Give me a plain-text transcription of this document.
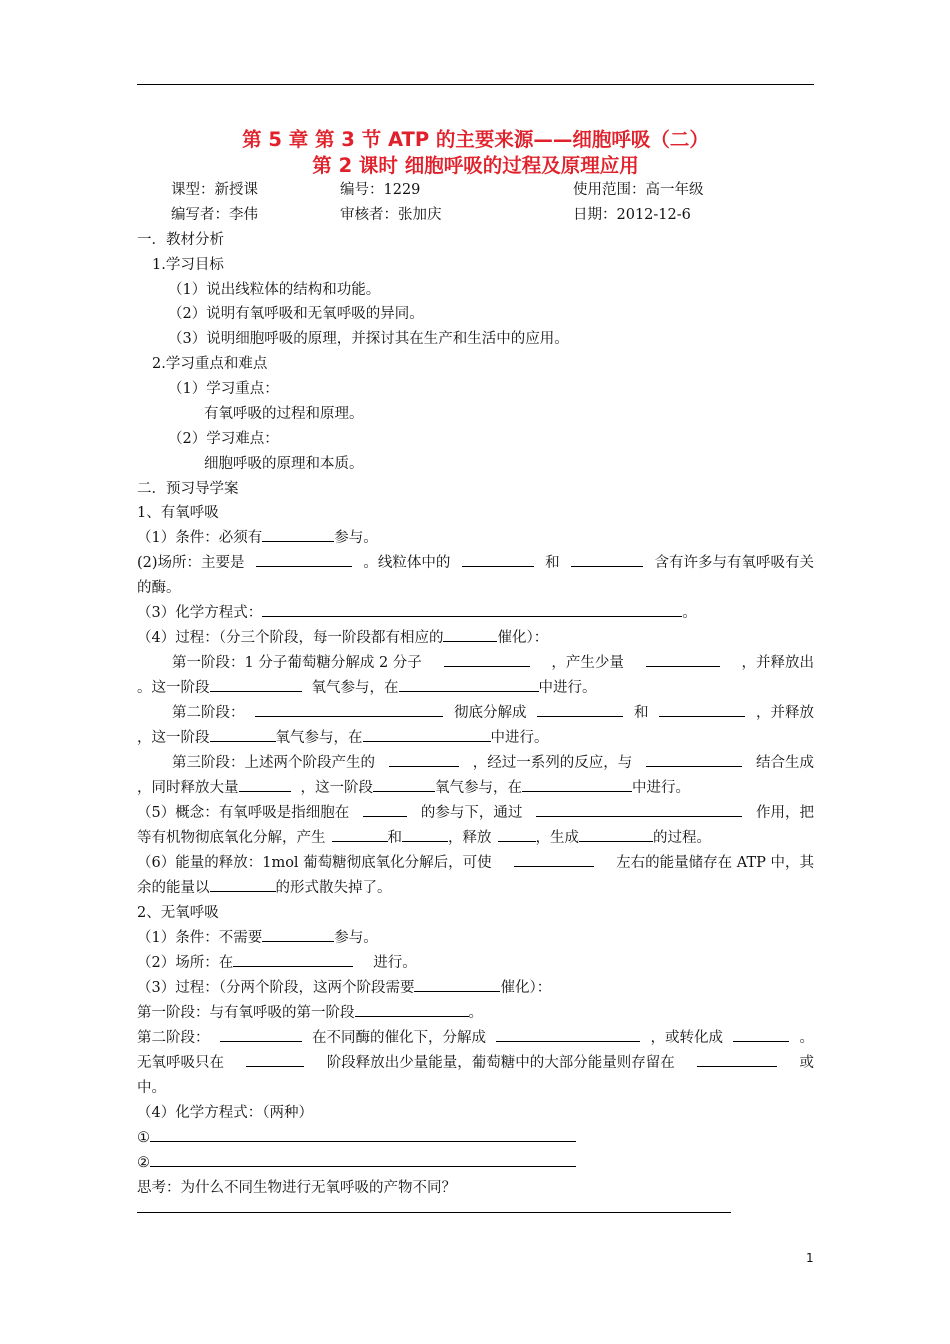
第 5 章 第 3 节 ATP 的主要来源——细胞呼吸（二）
第 2 课时 细胞呼吸的过程及原理应用
课型：新授课	编号：1229	使用范围：高一年级
编写者：李伟	审核者：张加庆	日期：2012-12-6
一．教材分析
1.学习目标
（1）说出线粒体的结构和功能。
（2）说明有氧呼吸和无氧呼吸的异同。
（3）说明细胞呼吸的原理，并探讨其在生产和生活中的应用。
2.学习重点和难点
（1）学习重点：
有氧呼吸的过程和原理。
（2）学习难点：
细胞呼吸的原理和本质。
二．预习导学案
1、有氧呼吸
（1）条件：必须有	参与。
(2)场所：主要是	。线粒体中的	和	含有许多与有氧呼吸有关
的酶。
（3）化学方程式：	。
（4）过程：（分三个阶段，每一阶段都有相应的	催化）：
第一阶段：1 分子葡萄糖分解成 2 分子	，产生少量	，并释放出
。这一阶段	氧气参与，在	中进行。
第二阶段：	彻底分解成	和	，并释放
，这一阶段	氧气参与，在	中进行。
第三阶段：上述两个阶段产生的	，经过一系列的反应，与	结合生成
，同时释放大量	，这一阶段	氧气参与，在	中进行。
（5）概念：有氧呼吸是指细胞在	的参与下，通过	作用，把
等有机物彻底氧化分解，产生	和	，释放	，生成	的过程。
（6）能量的释放：1mol 葡萄糖彻底氧化分解后，可使	左右的能量储存在 ATP 中，其
余的能量以	的形式散失掉了。
2、无氧呼吸
（1）条件：不需要	参与。
（2）场所：在	进行。
（3）过程：（分两个阶段，这两个阶段需要	催化）：
第一阶段：与有氧呼吸的第一阶段	。
第二阶段：	在不同酶的催化下，分解成	，或转化成	。
无氧呼吸只在	阶段释放出少量能量，葡萄糖中的大部分能量则存留在	或
中。
（4）化学方程式：（两种）
①
②
思考：为什么不同生物进行无氧呼吸的产物不同？
1
